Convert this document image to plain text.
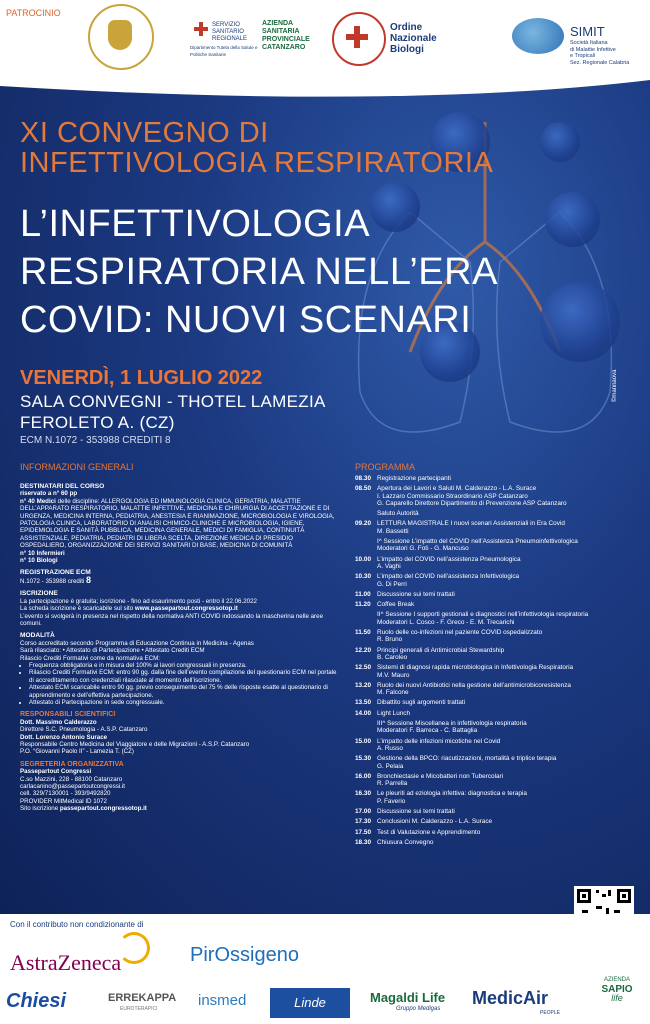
PATROCINIO
SERVIZIO
SANITARIO
REGIONALE
Dipartimento Tutela della Salute e Politiche Sanitarie
AZIENDA
SANITARIA
PROVINCIALE
CATANZARO
Ordine
Nazionale
Biologi
SIMIT
Società Italiana
di Malattie Infettive
e Tropicali
Sez. Regionale Calabria
©mannaova
XI CONVEGNO DI
INFETTIVOLOGIA RESPIRATORIA
L’INFETTIVOLOGIA
RESPIRATORIA NELL’ERA
COVID: NUOVI SCENARI
VENERDÌ, 1 LUGLIO 2022
SALA CONVEGNI - THOTEL LAMEZIA
FEROLETO A. (CZ)
ECM N.1072 - 353988 CREDITI 8
INFORMAZIONI GENERALI
DESTINATARI DEL CORSO
riservato a n° 60 pp
n° 40 Medici delle discipline: ALLERGOLOGIA ED IMMUNOLOGIA CLINICA, GERIATRIA, MALATTIE DELL’APPARATO RESPIRATORIO, MALATTIE INFETTIVE, MEDICINA E CHIRURGIA DI ACCETTAZIONE E DI URGENZA, MEDICINA INTERNA, PEDIATRIA, ANESTESIA E RIANIMAZIONE, MICROBIOLOGIA E VIROLOGIA, PATOLOGIA CLINICA, LABORATORIO DI ANALISI CHIMICO-CLINICHE E MICROBIOLOGIA, IGIENE, EPIDEMIOLOGIA E SANITÀ PUBBLICA, MEDICINA GENERALE, MEDICI DI FAMIGLIA, CONTINUITÀ ASSISTENZIALE, PEDIATRIA, PEDIATRI DI LIBERA SCELTA, DIREZIONE MEDICA DI PRESIDIO OSPEDALIERO, ORGANIZZAZIONE DEI SERVIZI SANITARI DI BASE, MEDICINA DI COMUNITÀ
n° 10 Infermieri
n° 10 Biologi
REGISTRAZIONE ECM
N.1072 - 353988 crediti 8
ISCRIZIONE
La partecipazione è gratuita; iscrizione - fino ad esaurimento posti - entro il 22.06.2022
La scheda iscrizione è scaricabile sul sito www.passepartout.congressotop.it
L’evento si svolgerà in presenza nel rispetto della normativa ANTI COVID indossando la mascherina nelle aree comuni.
MODALITÀ
Corso accreditato secondo Programma di Educazione Continua in Medicina - Agenas
Sarà rilasciato: • Attestato di Partecipazione • Attestato Crediti ECM
Rilascio Crediti Formativi come da normativa ECM:
• Frequenza obbligatoria e in misura del 100% ai lavori congressuali in presenza.
• Rilascio Crediti Formativi ECM: entro 90 gg. dalla fine dell’evento compilazione del questionario ECM nel portale di accreditamento con credenziali rilasciate al momento dell’iscrizione.
• Attestato ECM scaricabile entro 90 gg. previo conseguimento del 75 % delle risposte esatte al questionario di apprendimento e dell’effettiva partecipazione.
• Attestato di Partecipazione in sede congressuale.
RESPONSABILI SCIENTIFICI
Dott. Massimo Calderazzo
Direttore S.C. Pneumologia - A.S.P. Catanzaro
Dott. Lorenzo Antonio Surace
Responsabile Centro Medicina del Viaggiatore e delle Migrazioni - A.S.P. Catanzaro
P.O. “Giovanni Paolo II” - Lamezia T. (CZ)
SEGRETERIA ORGANIZZATIVA
Passepartout Congressi
C.so Mazzini, 228 - 88100 Catanzaro
carlacanino@passepartoutcongressi.it
cell. 329/7130001 - 393/9492820
PROVIDER MitMedical ID 1072
Sito iscrizione passepartout.congressotop.it
PROGRAMMA
08.30 Registrazione partecipanti
08.50 Apertura dei Lavori e Saluti M. Calderazzo - L.A. Surace
I. Lazzaro Commissario Straordinario ASP Catanzaro
G. Caparello Direttore Dipartimento di Prevenzione ASP Catanzaro
Saluto Autorità
09.20 LETTURA MAGISTRALE I nuovi scenari Assistenziali in Era Covid
M. Bassetti
I^ Sessione L’impatto del COVID nell’Assistenza Pneumoinfettivologica
Moderatori G. Foti - G. Mancuso
10.00 L’impatto del COVID nell’assistenza Pneumologica
A. Vaghi
10.30 L’impatto del COVID nell’assistenza Infettivologica
G. Di Perri
11.00 Discussione sui temi trattati
11.20 Coffee Break
II^ Sessione I supporti gestionali e diagnostici nell’infettivologia respiratoria
Moderatori L. Cosco - F. Greco - E. M. Trecarichi
11.50 Ruolo delle co-infezioni nel paziente COVID ospedalizzato
R. Bruno
12.20 Principi generali di Antimicrobial Stewardship
B. Caroleo
12.50 Sistemi di diagnosi rapida microbiologica in Infettivologia Respiratoria
M.V. Mauro
13.20 Ruolo dei nuovi Antibiotici nella gestione dell’antimicrobicoresistenza
M. Falcone
13.50 Dibattito sugli argomenti trattati
14.00 Light Lunch
III^ Sessione Miscellanea in infettivologia respiratoria
Moderatori F. Barreca - C. Battaglia
15.00 L’impatto delle infezioni micotiche nel Covid
A. Russo
15.30 Gestione della BPCO: riacutizzazioni, mortalità e triplice terapia
G. Pelaia
16.00 Bronchiectasie e Micobatteri non Tubercolari
R. Parrella
16.30 Le pleuriti ad eziologia infettiva: diagnostica e terapia
P. Faverio
17.00 Discussione sui temi trattati
17.30 Conclusioni M. Calderazzo - L.A. Surace
17.50 Test di Valutazione e Apprendimento
18.30 Chiusura Convegno
Con il contributo non condizionante di
AstraZeneca	PirOssigeno
Chiesi	ERREKAPPA
EUROTERAPICI	insmed	Linde	Magaldi Life
Gruppo Medigas
MedicAir
PEOPLE
AZIENDA
SAPIO
life
